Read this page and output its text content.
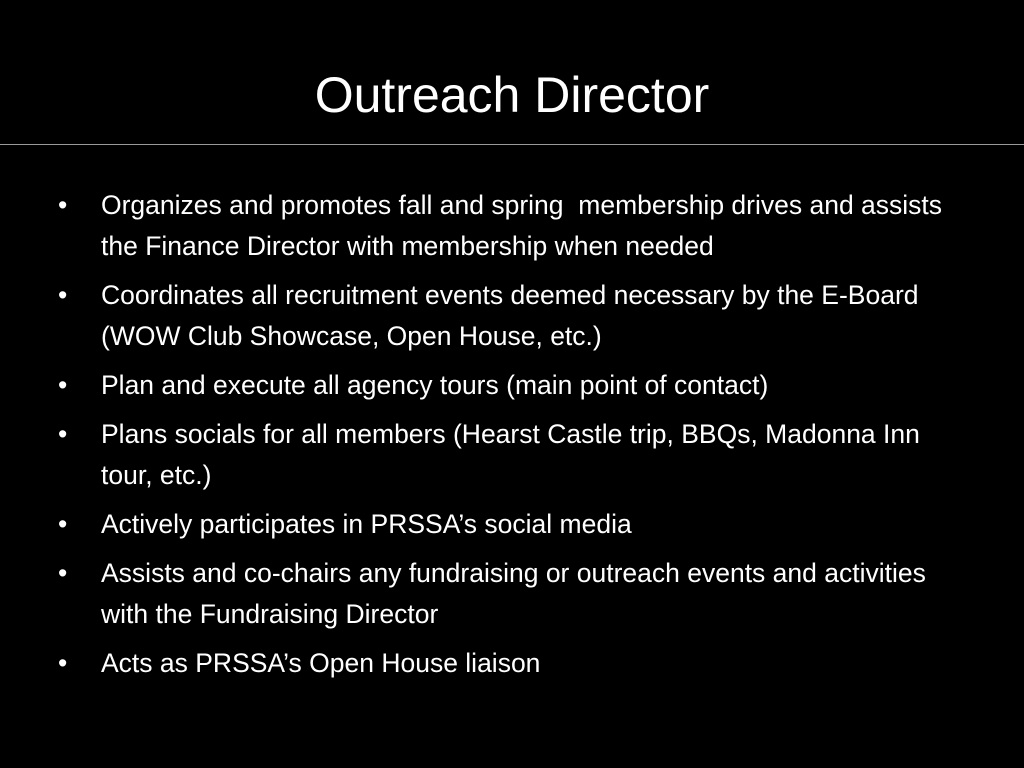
Outreach Director
•	Organizes and promotes fall and spring  membership drives and assists the Finance Director with membership when needed
•	Coordinates all recruitment events deemed necessary by the E-Board (WOW Club Showcase, Open House, etc.)
•	Plan and execute all agency tours (main point of contact)
•	Plans socials for all members (Hearst Castle trip, BBQs, Madonna Inn tour, etc.)
•	Actively participates in PRSSA’s social media
•	Assists and co-chairs any fundraising or outreach events and activities with the Fundraising Director
•	Acts as PRSSA’s Open House liaison
